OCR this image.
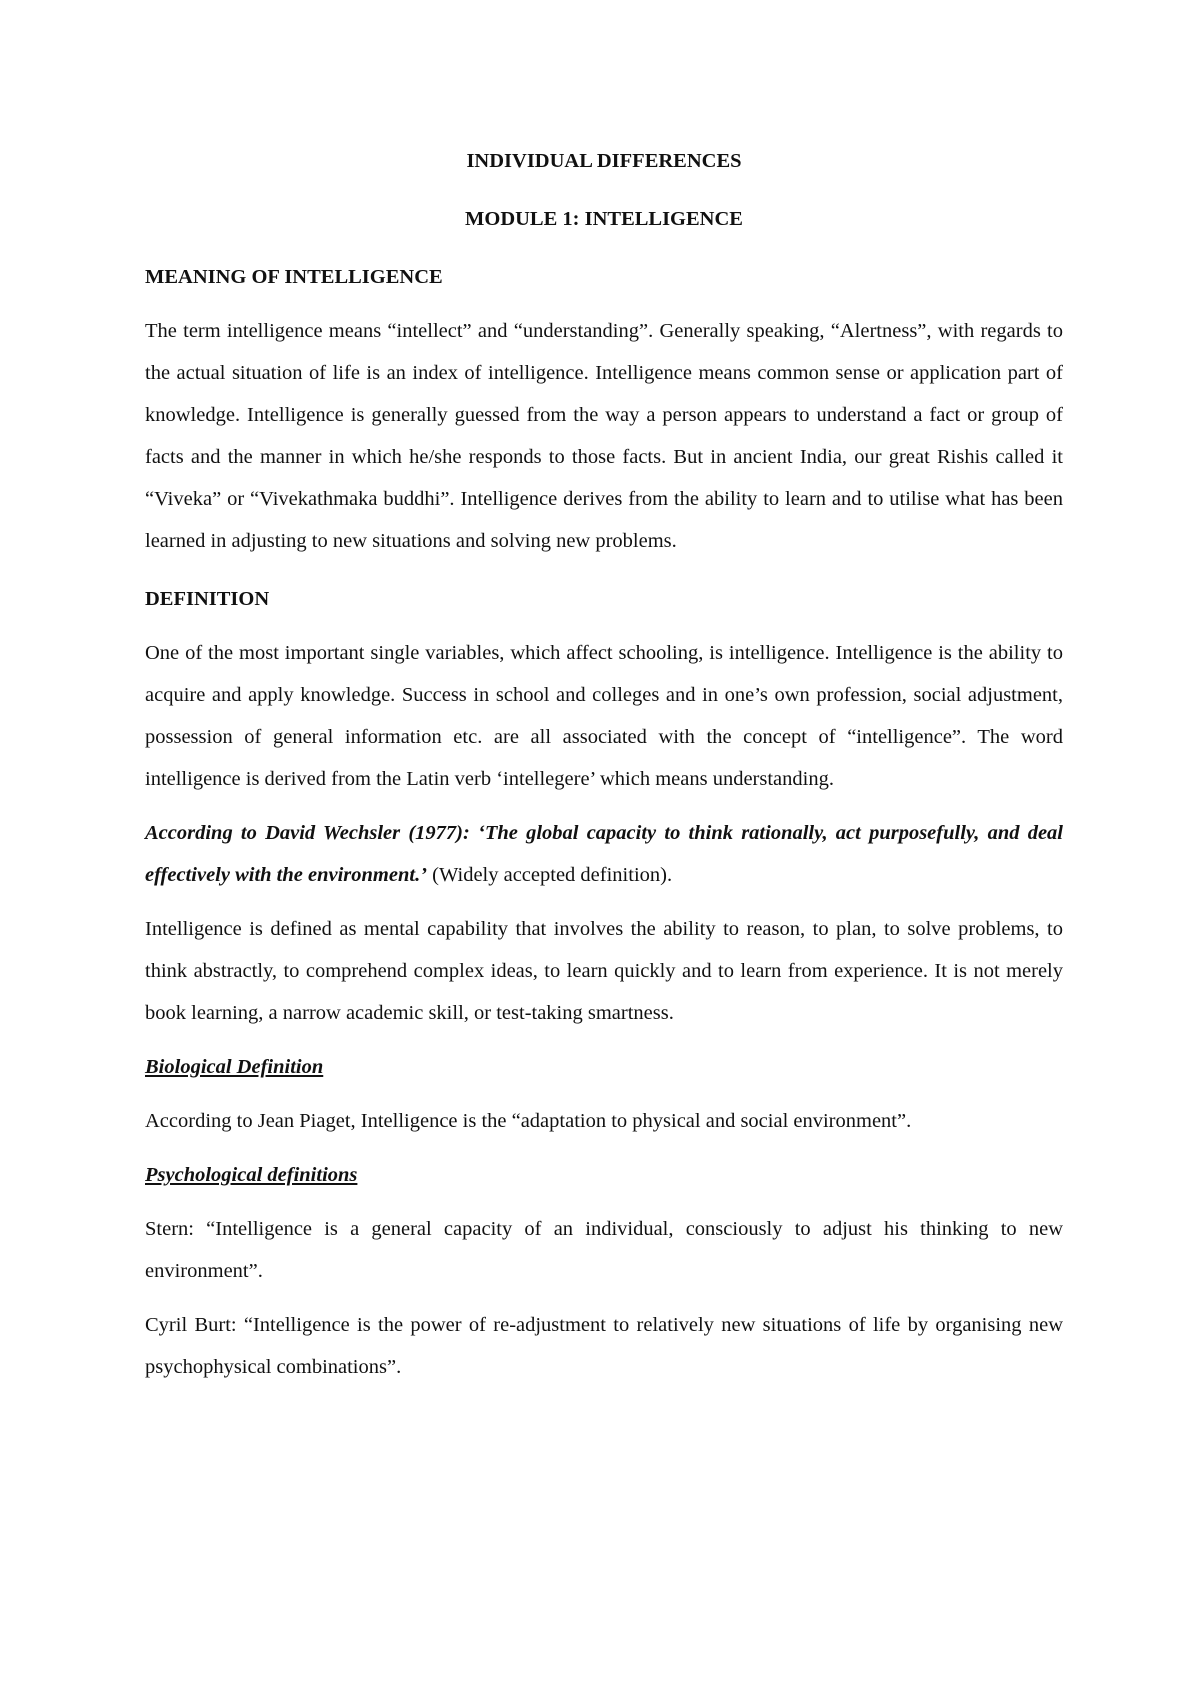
INDIVIDUAL DIFFERENCES

MODULE 1: INTELLIGENCE

MEANING OF INTELLIGENCE

The term intelligence means “intellect” and “understanding”. Generally speaking, “Alertness”, with regards to the actual situation of life is an index of intelligence. Intelligence means common sense or application part of knowledge. Intelligence is generally guessed from the way a person appears to understand a fact or group of facts and the manner in which he/she responds to those facts. But in ancient India, our great Rishis called it “Viveka” or “Vivekathmaka buddhi”. Intelligence derives from the ability to learn and to utilise what has been learned in adjusting to new situations and solving new problems.

DEFINITION

One of the most important single variables, which affect schooling, is intelligence. Intelligence is the ability to acquire and apply knowledge. Success in school and colleges and in one’s own profession, social adjustment, possession of general information etc. are all associated with the concept of “intelligence”. The word intelligence is derived from the Latin verb ‘intellegere’ which means understanding.

According to David Wechsler (1977): ‘The global capacity to think rationally, act purposefully, and deal effectively with the environment.’ (Widely accepted definition).

Intelligence is defined as mental capability that involves the ability to reason, to plan, to solve problems, to think abstractly, to comprehend complex ideas, to learn quickly and to learn from experience. It is not merely book learning, a narrow academic skill, or test-taking smartness.

Biological Definition

According to Jean Piaget, Intelligence is the “adaptation to physical and social environment”.

Psychological definitions

Stern: “Intelligence is a general capacity of an individual, consciously to adjust his thinking to new environment”.

Cyril Burt: “Intelligence is the power of re-adjustment to relatively new situations of life by organising new psychophysical combinations”.
